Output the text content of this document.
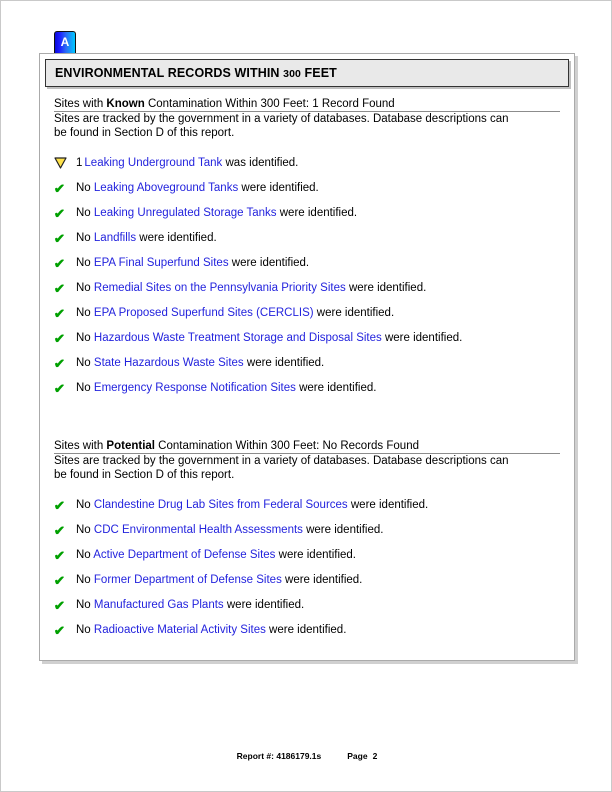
A
ENVIRONMENTAL RECORDS WITHIN 300 FEET
Sites with Known Contamination Within 300 Feet: 1 Record Found
Sites are tracked by the government in a variety of databases. Database descriptions can be found in Section D of this report.
1 Leaking Underground Tank was identified.
✔ No Leaking Aboveground Tanks were identified.
✔ No Leaking Unregulated Storage Tanks were identified.
✔ No Landfills were identified.
✔ No EPA Final Superfund Sites were identified.
✔ No Remedial Sites on the Pennsylvania Priority Sites were identified.
✔ No EPA Proposed Superfund Sites (CERCLIS) were identified.
✔ No Hazardous Waste Treatment Storage and Disposal Sites were identified.
✔ No State Hazardous Waste Sites were identified.
✔ No Emergency Response Notification Sites were identified.
Sites with Potential Contamination Within 300 Feet: No Records Found
Sites are tracked by the government in a variety of databases. Database descriptions can be found in Section D of this report.
✔ No Clandestine Drug Lab Sites from Federal Sources were identified.
✔ No CDC Environmental Health Assessments were identified.
✔ No Active Department of Defense Sites were identified.
✔ No Former Department of Defense Sites were identified.
✔ No Manufactured Gas Plants were identified.
✔ No Radioactive Material Activity Sites were identified.
Report #: 4186179.1s	Page 2
